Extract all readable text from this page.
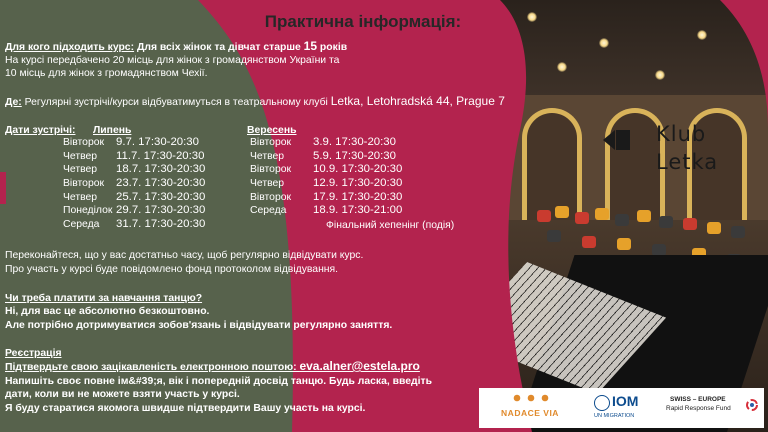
Klub
Letka
Практична інформація:
Для кого підходить курс: Для всіх жінок та дівчат старше 15 років
На курсі передбачено 20 місць для жінок з громадянством України та
10 місць для жінок з громадянством Чехії.
Де: Регулярні зустрічі/курси відбуватимуться в театральному клубі Letka, Letohradská 44, Prague 7
Дати зустрічі: Липень	Вересень
Вівторок 9.7. 17:30-20:30
Четвер 11.7. 17:30-20:30
Четвер 18.7. 17:30-20:30
Вівторок 23.7. 17:30-20:30
Четвер 25.7. 17:30-20:30
Понеділок 29.7. 17:30-20:30
Середа 31.7. 17:30-20:30
Вівторок 3.9. 17:30-20:30
Четвер	5.9. 17:30-20:30
Вівторок 10.9. 17:30-20:30
Четвер	12.9. 17:30-20:30
Вівторок 17.9. 17:30-20:30
Середа 18.9. 17:30-21:00
Фінальний хепенінг (подія)
Переконайтеся, що у вас достатньо часу, щоб регулярно відвідувати курс.
Про участь у курсі буде повідомлено фонд протоколом відвідування.
Чи треба платити за навчання танцю?
Ні, для вас це абсолютно безкоштовно.
Але потрібно дотримуватися зобов'язань і відвідувати регулярно заняття.
Реєстрація
Підтвердьте свою зацікавленість електронною поштою: eva.alner@estela.pro
Напишіть своє повне ім&#39;я, вік і попередній досвід танцю. Будь ласка, введіть
дати, коли ви не можете взяти участь у курсі.
Я буду старатися якомога швидше підтвердити Вашу участь на курсі.	NADACE VIA
IOM
UN MIGRATION
SWISS – EUROPE
Rapid Response Fund
